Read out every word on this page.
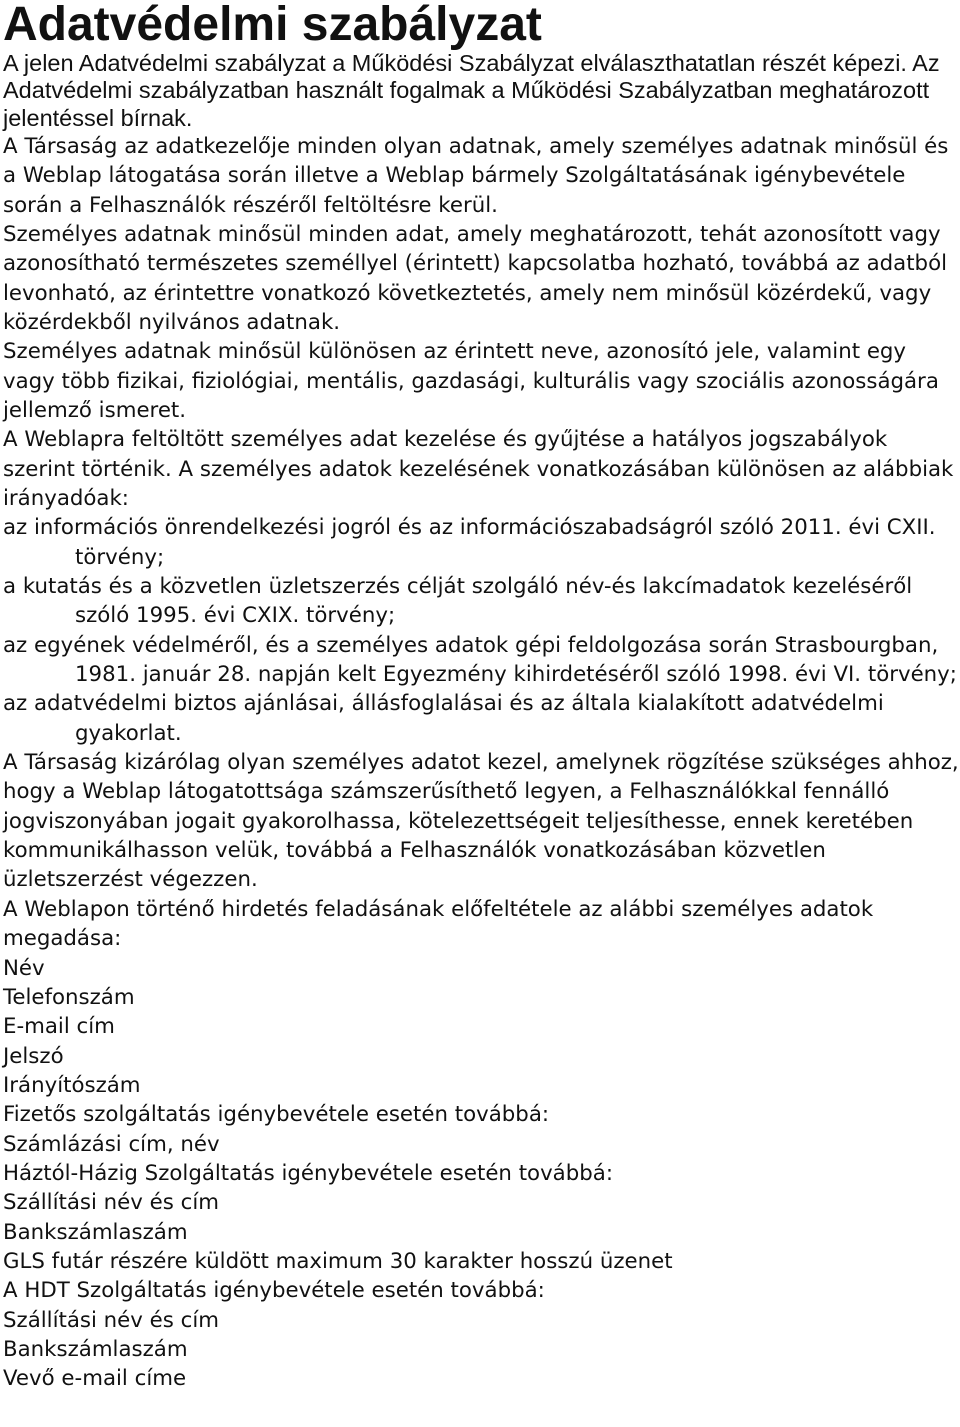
Adatvédelmi szabályzat

A jelen Adatvédelmi szabályzat a Működési Szabályzat elválaszthatatlan részét képezi. Az Adatvédelmi szabályzatban használt fogalmak a Működési Szabályzatban meghatározott jelentéssel bírnak.

A Társaság az adatkezelője minden olyan adatnak, amely személyes adatnak minősül és a Weblap látogatása során illetve a Weblap bármely Szolgáltatásának igénybevétele során a Felhasználók részéről feltöltésre kerül.

Személyes adatnak minősül minden adat, amely meghatározott, tehát azonosított vagy azonosítható természetes személlyel (érintett) kapcsolatba hozható, továbbá az adatból levonható, az érintettre vonatkozó következtetés, amely nem minősül közérdekű, vagy közérdekből nyilvános adatnak.

Személyes adatnak minősül különösen az érintett neve, azonosító jele, valamint egy vagy több fizikai, fiziológiai, mentális, gazdasági, kulturális vagy szociális azonosságára jellemző ismeret.

A Weblapra feltöltött személyes adat kezelése és gyűjtése a hatályos jogszabályok szerint történik. A személyes adatok kezelésének vonatkozásában különösen az alábbiak irányadóak:

az információs önrendelkezési jogról és az információszabadságról szóló 2011. évi CXII. törvény;

a kutatás és a közvetlen üzletszerzés célját szolgáló név-és lakcímadatok kezeléséről szóló 1995. évi CXIX. törvény;

az egyének védelméről, és a személyes adatok gépi feldolgozása során Strasbourgban, 1981. január 28. napján kelt Egyezmény kihirdetéséről szóló 1998. évi VI. törvény;

az adatvédelmi biztos ajánlásai, állásfoglalásai és az általa kialakított adatvédelmi gyakorlat.

A Társaság kizárólag olyan személyes adatot kezel, amelynek rögzítése szükséges ahhoz, hogy a Weblap látogatottsága számszerűsíthető legyen, a Felhasználókkal fennálló jogviszonyában jogait gyakorolhassa, kötelezettségeit teljesíthesse, ennek keretében kommunikálhasson velük, továbbá a Felhasználók vonatkozásában közvetlen üzletszerzést végezzen.

A Weblapon történő hirdetés feladásának előfeltétele az alábbi személyes adatok megadása:

Név
Telefonszám
E-mail cím
Jelszó
Irányítószám
Fizetős szolgáltatás igénybevétele esetén továbbá:
Számlázási cím, név
Háztól-Házig Szolgáltatás igénybevétele esetén továbbá:
Szállítási név és cím
Bankszámlaszám
GLS futár részére küldött maximum 30 karakter hosszú üzenet
A HDT Szolgáltatás igénybevétele esetén továbbá:
Szállítási név és cím
Bankszámlaszám
Vevő e-mail címe
